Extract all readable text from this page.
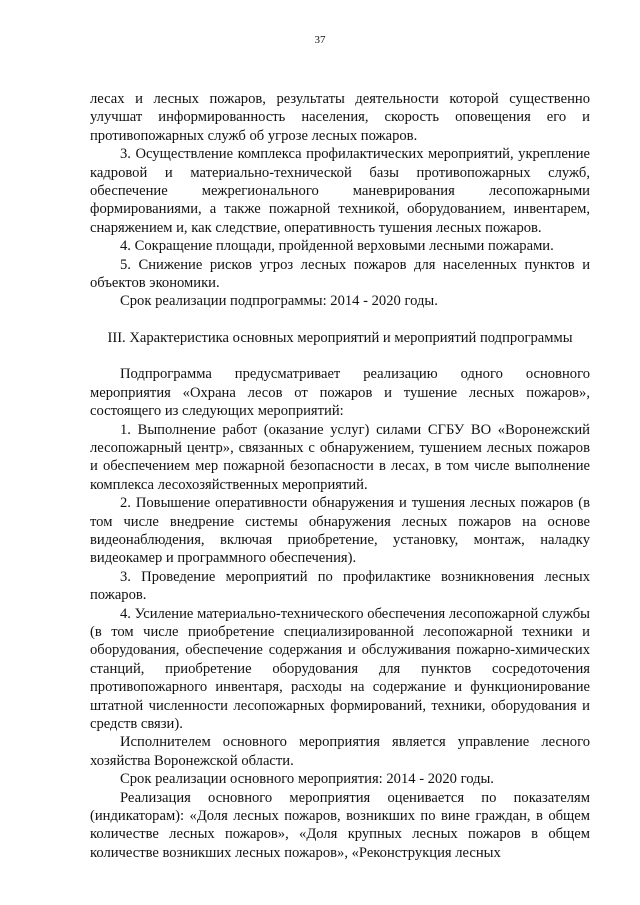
37

лесах и лесных пожаров, результаты деятельности которой существенно улучшат информированность населения, скорость оповещения его и противопожарных служб об угрозе лесных пожаров.

3. Осуществление комплекса профилактических мероприятий, укрепление кадровой и материально-технической базы противопожарных служб, обеспечение межрегионального маневрирования лесопожарными формированиями, а также пожарной техникой, оборудованием, инвентарем, снаряжением и, как следствие, оперативность тушения лесных пожаров.

4. Сокращение площади, пройденной верховыми лесными пожарами.

5. Снижение рисков угроз лесных пожаров для населенных пунктов и объектов экономики.

Срок реализации подпрограммы: 2014 - 2020 годы.

III. Характеристика основных мероприятий и мероприятий подпрограммы

Подпрограмма предусматривает реализацию одного основного мероприятия «Охрана лесов от пожаров и тушение лесных пожаров», состоящего из следующих мероприятий:

1. Выполнение работ (оказание услуг) силами СГБУ ВО «Воронежский лесопожарный центр», связанных с обнаружением, тушением лесных пожаров и обеспечением мер пожарной безопасности в лесах, в том числе выполнение комплекса лесохозяйственных мероприятий.

2. Повышение оперативности обнаружения и тушения лесных пожаров (в том числе внедрение системы обнаружения лесных пожаров на основе видеонаблюдения, включая приобретение, установку, монтаж, наладку видеокамер и программного обеспечения).

3. Проведение мероприятий по профилактике возникновения лесных пожаров.

4. Усиление материально-технического обеспечения лесопожарной службы (в том числе приобретение специализированной лесопожарной техники и оборудования, обеспечение содержания и обслуживания пожарно-химических станций, приобретение оборудования для пунктов сосредоточения противопожарного инвентаря, расходы на содержание и функционирование штатной численности лесопожарных формирований, техники, оборудования и средств связи).

Исполнителем основного мероприятия является управление лесного хозяйства Воронежской области.

Срок реализации основного мероприятия: 2014 - 2020 годы.

Реализация основного мероприятия оценивается по показателям (индикаторам): «Доля лесных пожаров, возникших по вине граждан, в общем количестве лесных пожаров», «Доля крупных лесных пожаров в общем количестве возникших лесных пожаров», «Реконструкция лесных
